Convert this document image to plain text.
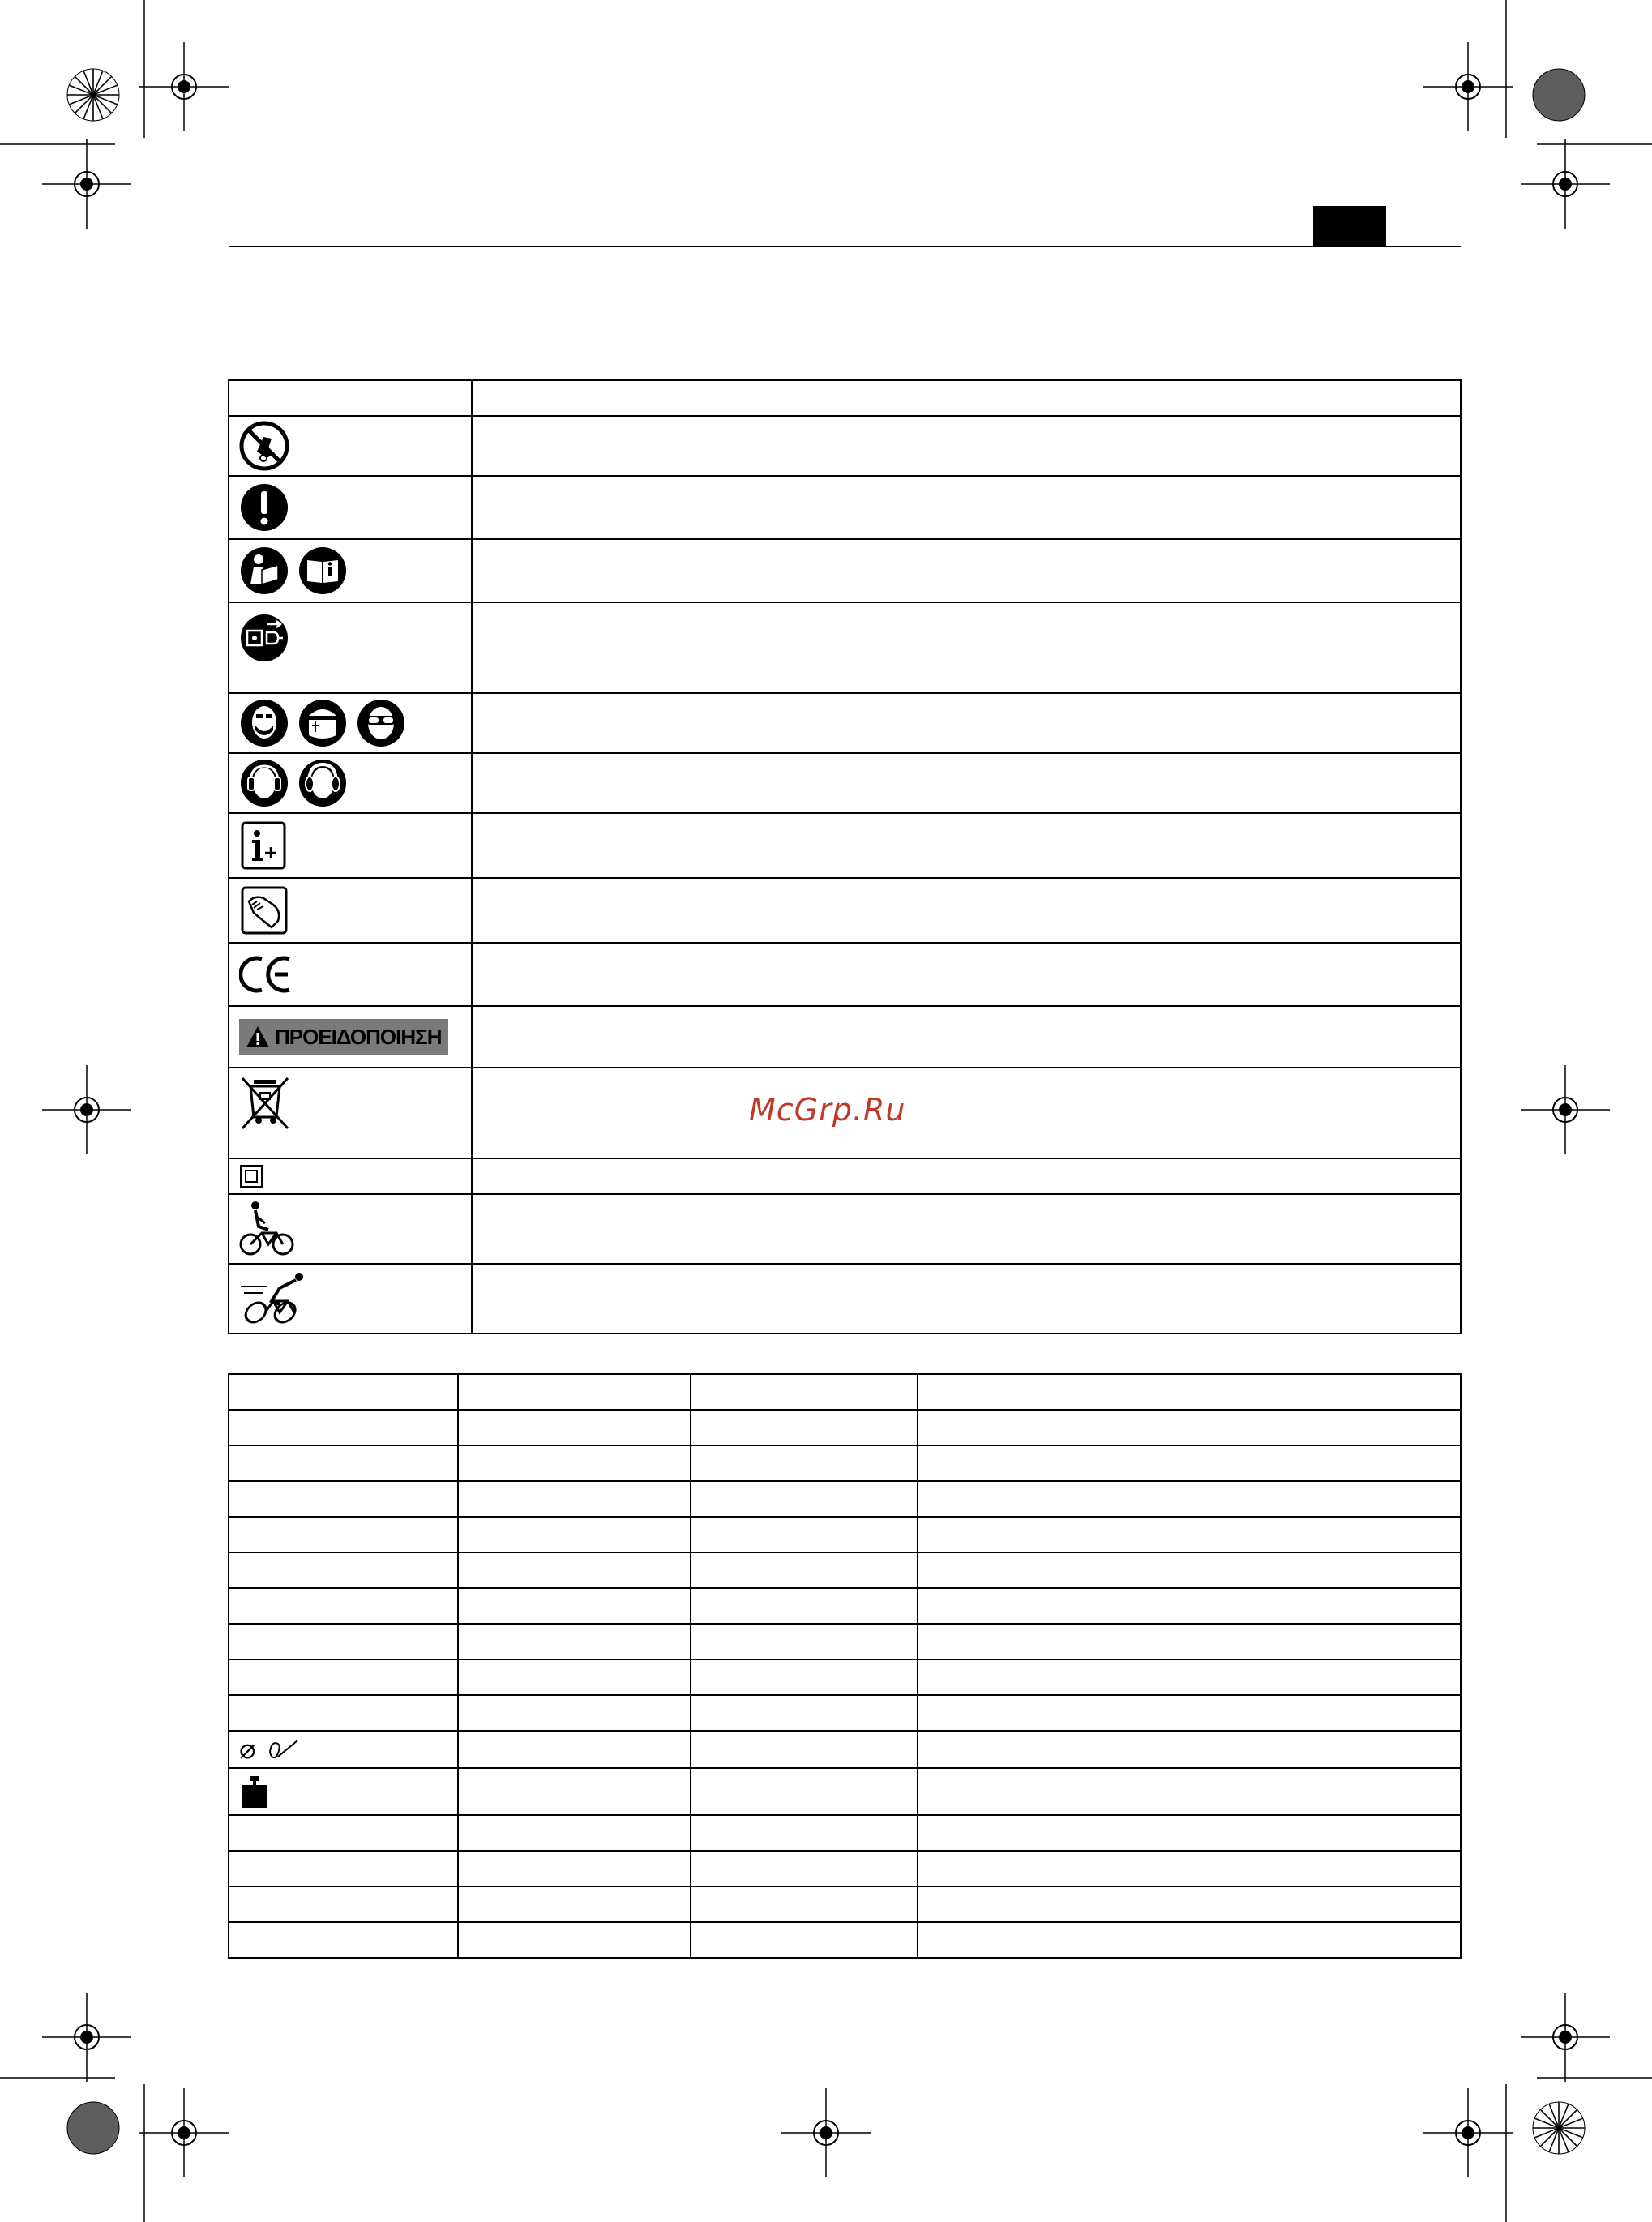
ΠΡΟΕΙΔΟΠΟΙΗΣΗ	

McGrp.Ru

⌀			
